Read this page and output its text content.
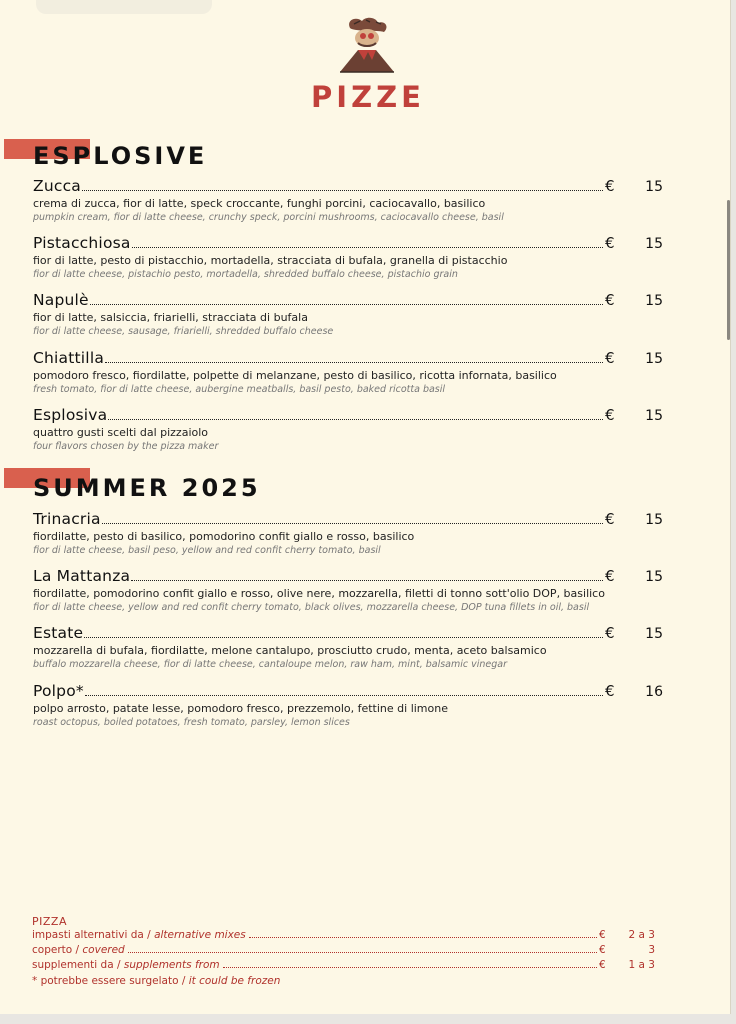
PIZZE
ESPLOSIVE
Zucca	€	15
crema di zucca, fior di latte, speck croccante, funghi porcini, caciocavallo, basilico
pumpkin cream, fior di latte cheese, crunchy speck, porcini mushrooms, caciocavallo cheese, basil
Pistacchiosa	€	15
fior di latte, pesto di pistacchio, mortadella, stracciata di bufala, granella di pistacchio
fior di latte cheese, pistachio pesto, mortadella, shredded buffalo cheese, pistachio grain
Napulè	€	15
fior di latte, salsiccia, friarielli, stracciata di bufala
fior di latte cheese, sausage, friarielli, shredded buffalo cheese
Chiattilla	€	15
pomodoro fresco, fiordilatte, polpette di melanzane, pesto di basilico, ricotta infornata, basilico
fresh tomato, fior di latte cheese, aubergine meatballs, basil pesto, baked ricotta basil
Esplosiva	€	15
quattro gusti scelti dal pizzaiolo
four flavors chosen by the pizza maker
SUMMER 2025
Trinacria	€	15
fiordilatte, pesto di basilico, pomodorino confit giallo e rosso, basilico
fior di latte cheese, basil peso, yellow and red confit cherry tomato, basil
La Mattanza	€	15
fiordilatte, pomodorino confit giallo e rosso, olive nere, mozzarella, filetti di tonno sott'olio DOP, basilico
fior di latte cheese, yellow and red confit cherry tomato, black olives, mozzarella cheese, DOP tuna fillets in oil, basil
Estate	€	15
mozzarella di bufala, fiordilatte, melone cantalupo, prosciutto crudo, menta, aceto balsamico
buffalo mozzarella cheese, fior di latte cheese, cantaloupe melon, raw ham, mint, balsamic vinegar
Polpo*	€	16
polpo arrosto, patate lesse, pomodoro fresco, prezzemolo, fettine di limone
roast octopus, boiled potatoes, fresh tomato, parsley, lemon slices
PIZZA
impasti alternativi da / alternative mixes	€	2 a 3
coperto / covered	€	3
supplementi da / supplements from	€	1 a 3
* potrebbe essere surgelato / it could be frozen
